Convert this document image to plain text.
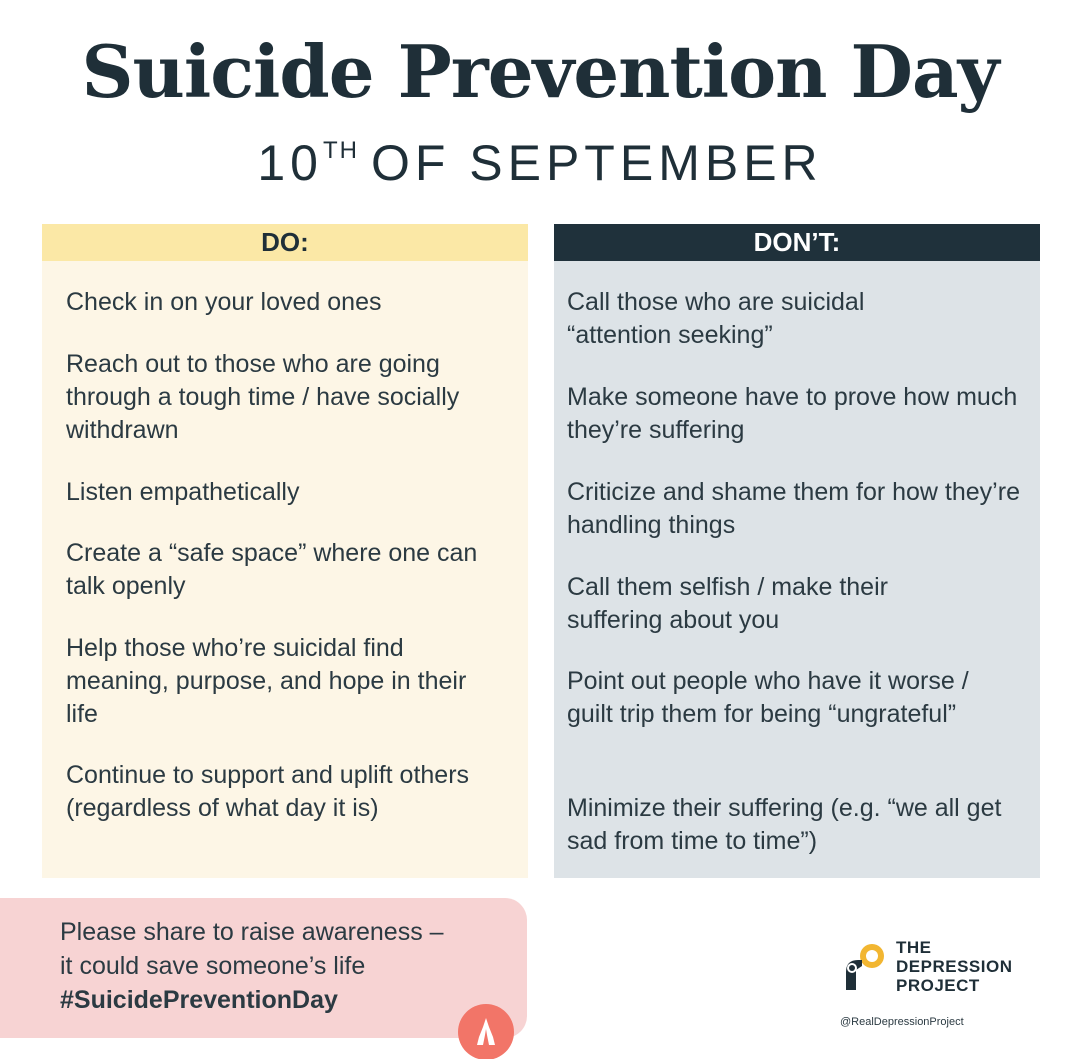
Suicide Prevention Day
10TH OF SEPTEMBER
DO:
Check in on your loved ones
Reach out to those who are going through a tough time / have socially withdrawn
Listen empathetically
Create a “safe space” where one can talk openly
Help those who’re suicidal find meaning, purpose, and hope in their life
Continue to support and uplift others (regardless of what day it is)
DON’T:
Call those who are suicidal “attention seeking”
Make someone have to prove how much they’re suffering
Criticize and shame them for how they’re handling things
Call them selfish / make their suffering about you
Point out people who have it worse / guilt trip them for being “ungrateful”
Minimize their suffering (e.g. “we all get sad from time to time”)
Please share to raise awareness –
it could save someone’s life
#SuicidePreventionDay
THE
DEPRESSION
PROJECT
@RealDepressionProject
